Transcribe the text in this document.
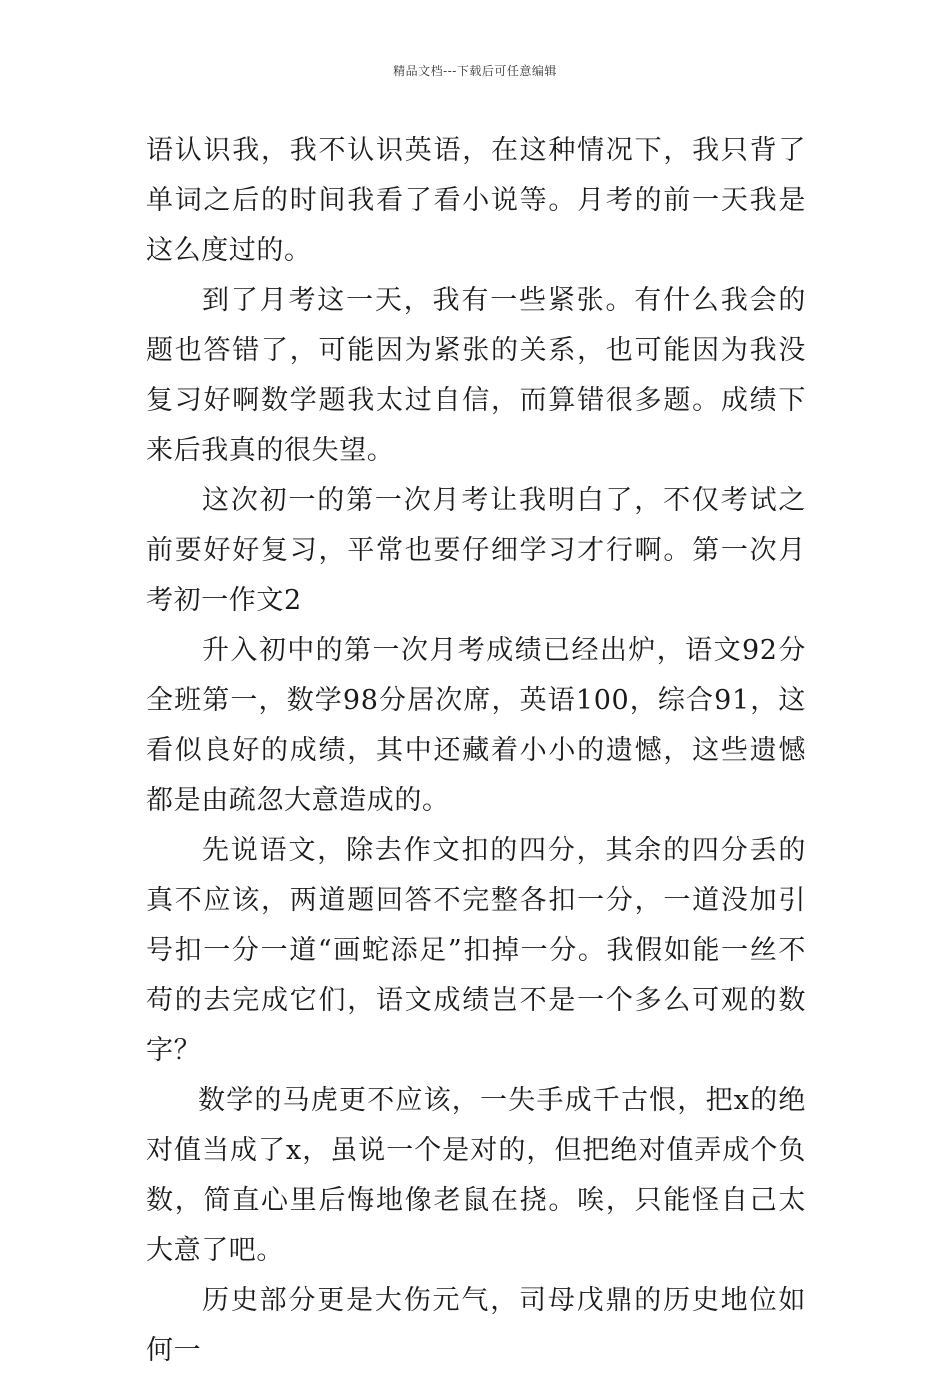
精品文档---下载后可任意编辑

语认识我，我不认识英语，在这种情况下，我只背了单词之后的时间我看了看小说等。月考的前一天我是这么度过的。

到了月考这一天，我有一些紧张。有什么我会的题也答错了，可能因为紧张的关系，也可能因为我没复习好啊数学题我太过自信，而算错很多题。成绩下来后我真的很失望。

这次初一的第一次月考让我明白了，不仅考试之前要好好复习，平常也要仔细学习才行啊。第一次月考初一作文2

升入初中的第一次月考成绩已经出炉，语文92分全班第一，数学98分居次席，英语100，综合91，这看似良好的成绩，其中还藏着小小的遗憾，这些遗憾都是由疏忽大意造成的。

先说语文，除去作文扣的四分，其余的四分丢的真不应该，两道题回答不完整各扣一分，一道没加引号扣一分一道“画蛇添足”扣掉一分。我假如能一丝不苟的去完成它们，语文成绩岂不是一个多么可观的数字？

数学的马虎更不应该，一失手成千古恨，把x的绝对值当成了x，虽说一个是对的，但把绝对值弄成个负数，简直心里后悔地像老鼠在挠。唉，只能怪自己太大意了吧。

历史部分更是大伤元气，司母戊鼎的历史地位如何一
